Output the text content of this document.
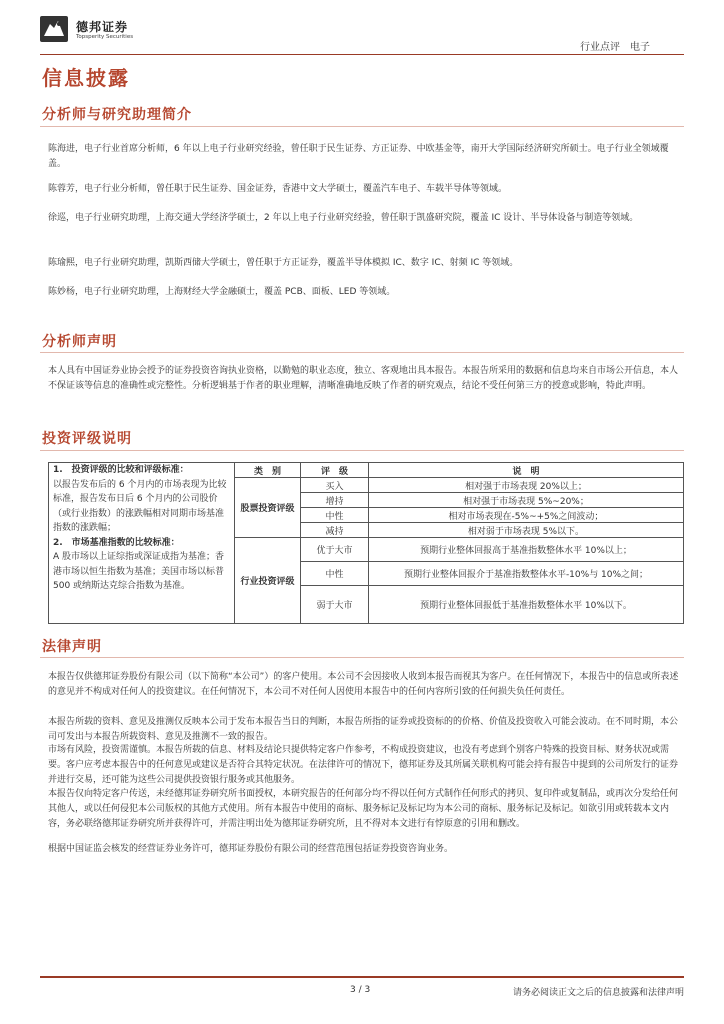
德邦证券
Topsperity Securities
行业点评　电子
信息披露
分析师与研究助理简介
陈海进，电子行业首席分析师，6 年以上电子行业研究经验，曾任职于民生证券、方正证券、中欧基金等，南开大学国际经济研究所硕士。电子行业全领域覆盖。
陈蓉芳，电子行业分析师，曾任职于民生证券、国金证券，香港中文大学硕士，覆盖汽车电子、车载半导体等领域。
徐巡，电子行业研究助理，上海交通大学经济学硕士，2 年以上电子行业研究经验，曾任职于凯盛研究院，覆盖 IC 设计、半导体设备与制造等领域。
陈瑜熙，电子行业研究助理，凯斯西储大学硕士，曾任职于方正证券，覆盖半导体模拟 IC、数字 IC、射频 IC 等领域。
陈妙杨，电子行业研究助理，上海财经大学金融硕士，覆盖 PCB、面板、LED 等领域。
分析师声明
本人具有中国证券业协会授予的证券投资咨询执业资格，以勤勉的职业态度，独立、客观地出具本报告。本报告所采用的数据和信息均来自市场公开信息，本人不保证该等信息的准确性或完整性。分析逻辑基于作者的职业理解，清晰准确地反映了作者的研究观点，结论不受任何第三方的授意或影响，特此声明。
投资评级说明
1.　投资评级的比较和评级标准：
以报告发布后的 6 个月内的市场表现为比较标准，报告发布日后 6 个月内的公司股价（或行业指数）的涨跌幅相对同期市场基准指数的涨跌幅；
2.　市场基准指数的比较标准：
A 股市场以上证综指或深证成指为基准；香港市场以恒生指数为基准；美国市场以标普 500 或纳斯达克综合指数为基准。	类　别	评　级	说　明
	股票投资评级	买入	相对强于市场表现 20%以上；
		增持	相对强于市场表现 5%~20%；
		中性	相对市场表现在-5%~+5%之间波动；
		减持	相对弱于市场表现 5%以下。
	行业投资评级	优于大市	预期行业整体回报高于基准指数整体水平 10%以上；
		中性	预期行业整体回报介于基准指数整体水平-10%与 10%之间；
		弱于大市	预期行业整体回报低于基准指数整体水平 10%以下。
法律声明
本报告仅供德邦证券股份有限公司（以下简称“本公司”）的客户使用。本公司不会因接收人收到本报告而视其为客户。在任何情况下，本报告中的信息或所表述的意见并不构成对任何人的投资建议。在任何情况下，本公司不对任何人因使用本报告中的任何内容所引致的任何损失负任何责任。
本报告所载的资料、意见及推测仅反映本公司于发布本报告当日的判断，本报告所指的证券或投资标的的价格、价值及投资收入可能会波动。在不同时期，本公司可发出与本报告所载资料、意见及推测不一致的报告。
市场有风险，投资需谨慎。本报告所载的信息、材料及结论只提供特定客户作参考，不构成投资建议，也没有考虑到个别客户特殊的投资目标、财务状况或需要。客户应考虑本报告中的任何意见或建议是否符合其特定状况。在法律许可的情况下，德邦证券及其所属关联机构可能会持有报告中提到的公司所发行的证券并进行交易，还可能为这些公司提供投资银行服务或其他服务。
本报告仅向特定客户传送，未经德邦证券研究所书面授权，本研究报告的任何部分均不得以任何方式制作任何形式的拷贝、复印件或复制品，或再次分发给任何其他人，或以任何侵犯本公司版权的其他方式使用。所有本报告中使用的商标、服务标记及标记均为本公司的商标、服务标记及标记。如欲引用或转载本文内容，务必联络德邦证券研究所并获得许可，并需注明出处为德邦证券研究所，且不得对本文进行有悖原意的引用和删改。
根据中国证监会核发的经营证券业务许可，德邦证券股份有限公司的经营范围包括证券投资咨询业务。
3 / 3	请务必阅读正文之后的信息披露和法律声明
